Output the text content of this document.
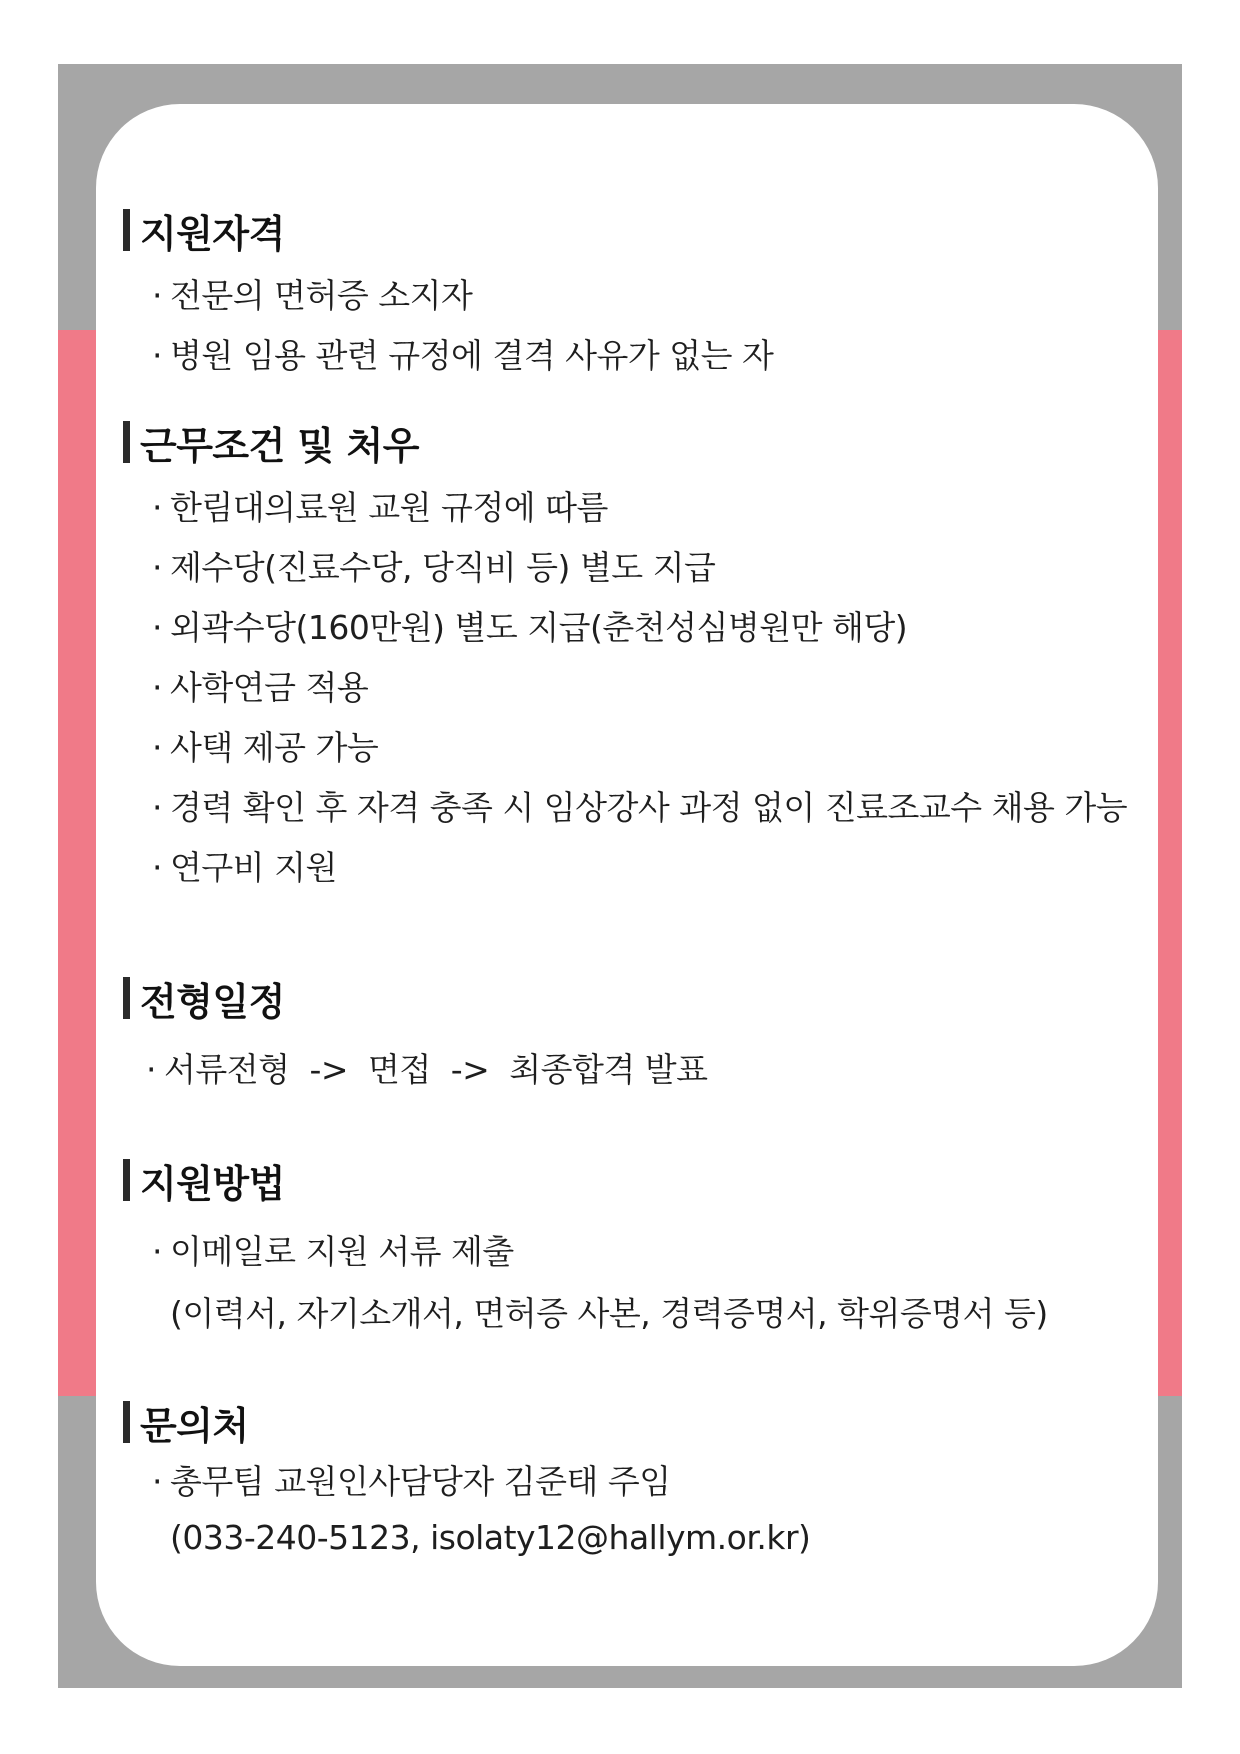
지원자격
· 전문의 면허증 소지자
· 병원 임용 관련 규정에 결격 사유가 없는 자
근무조건 및 처우
· 한림대의료원 교원 규정에 따름
· 제수당(진료수당, 당직비 등) 별도 지급
· 외곽수당(160만원) 별도 지급(춘천성심병원만 해당)
· 사학연금 적용
· 사택 제공 가능
· 경력 확인 후 자격 충족 시 임상강사 과정 없이 진료조교수 채용 가능
· 연구비 지원
전형일정
· 서류전형  ->  면접  ->  최종합격 발표
지원방법
· 이메일로 지원 서류 제출
(이력서, 자기소개서, 면허증 사본, 경력증명서, 학위증명서 등)
문의처
· 총무팀 교원인사담당자 김준태 주임
(033-240-5123, isolaty12@hallym.or.kr)
